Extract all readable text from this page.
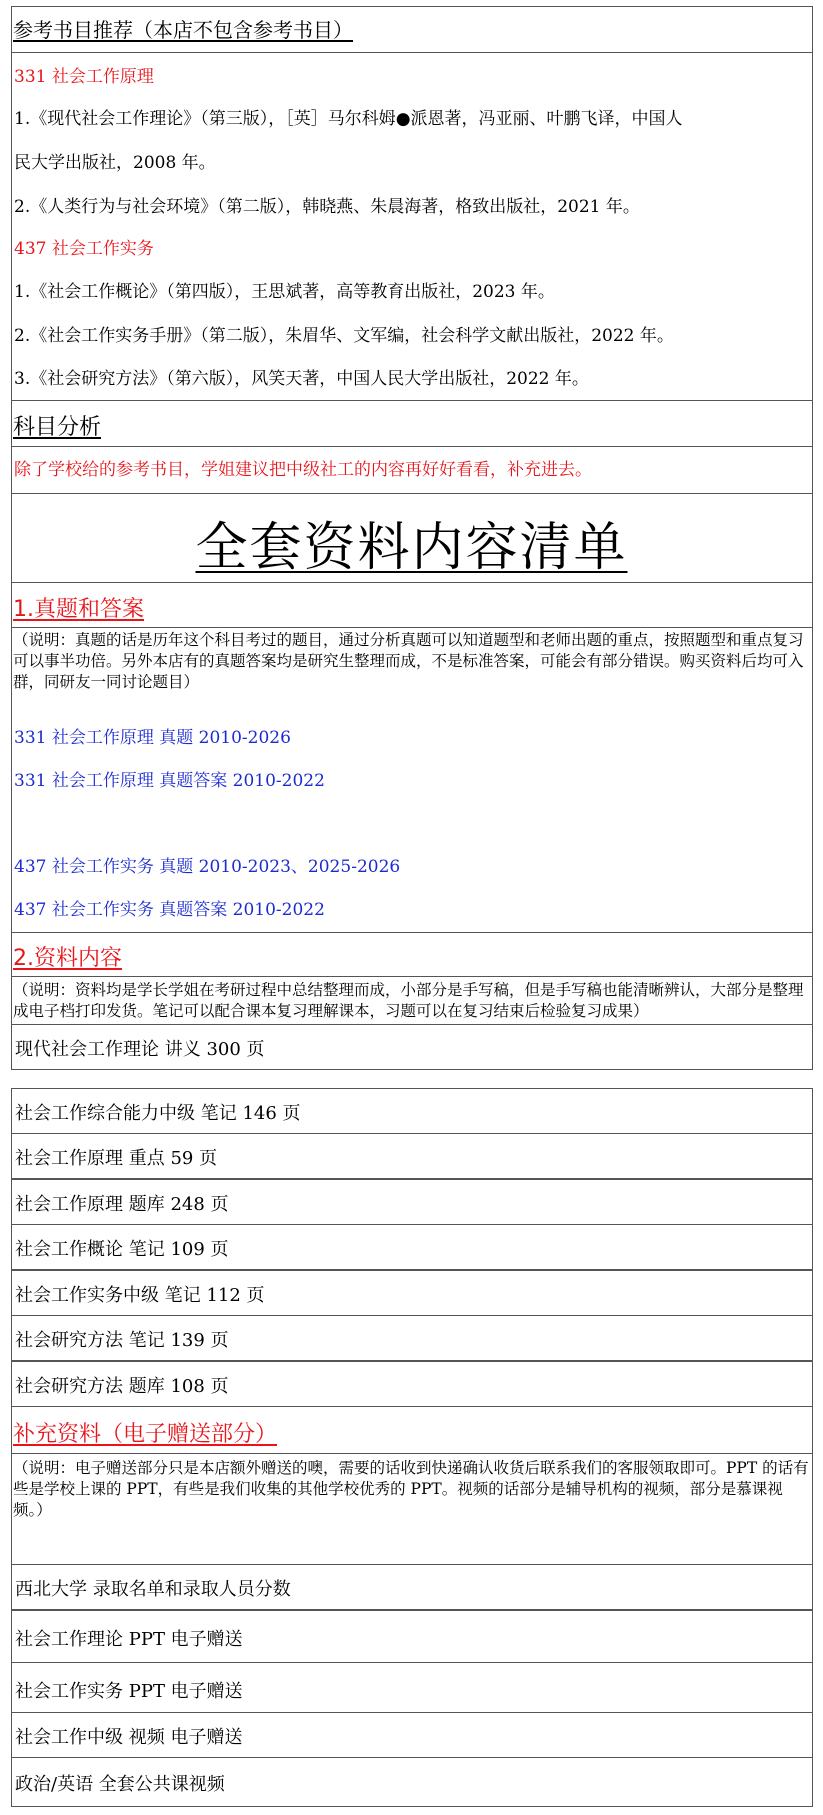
参考书目推荐（本店不包含参考书目）
331 社会工作原理
1.《现代社会工作理论》（第三版），［英］马尔科姆●派恩著，冯亚丽、叶鹏飞译，中国人
民大学出版社，2008 年。
2.《人类行为与社会环境》（第二版），韩晓燕、朱晨海著，格致出版社，2021 年。
437 社会工作实务
1.《社会工作概论》（第四版），王思斌著，高等教育出版社，2023 年。
2.《社会工作实务手册》（第二版），朱眉华、文军编，社会科学文献出版社，2022 年。
3.《社会研究方法》（第六版），风笑天著，中国人民大学出版社，2022 年。
科目分析
除了学校给的参考书目，学姐建议把中级社工的内容再好好看看，补充进去。
全套资料内容清单
1.真题和答案
（说明：真题的话是历年这个科目考过的题目，通过分析真题可以知道题型和老师出题的重点，按照题型和重点复习可以事半功倍。另外本店有的真题答案均是研究生整理而成，不是标准答案，可能会有部分错误。购买资料后均可入群，同研友一同讨论题目）
331 社会工作原理 真题 2010-2026
331 社会工作原理 真题答案 2010-2022
437 社会工作实务 真题 2010-2023、2025-2026
437 社会工作实务 真题答案 2010-2022
2.资料内容
（说明：资料均是学长学姐在考研过程中总结整理而成，小部分是手写稿，但是手写稿也能清晰辨认，大部分是整理成电子档打印发货。笔记可以配合课本复习理解课本，习题可以在复习结束后检验复习成果）
现代社会工作理论 讲义 300 页
社会工作综合能力中级 笔记 146 页
社会工作原理 重点 59 页
社会工作原理 题库 248 页
社会工作概论 笔记 109 页
社会工作实务中级 笔记 112 页
社会研究方法 笔记 139 页
社会研究方法 题库 108 页
补充资料（电子赠送部分）
（说明：电子赠送部分只是本店额外赠送的噢，需要的话收到快递确认收货后联系我们的客服领取即可。PPT 的话有些是学校上课的 PPT，有些是我们收集的其他学校优秀的 PPT。视频的话部分是辅导机构的视频，部分是慕课视频。）
西北大学 录取名单和录取人员分数
社会工作理论 PPT 电子赠送
社会工作实务 PPT 电子赠送
社会工作中级 视频 电子赠送
政治/英语 全套公共课视频
